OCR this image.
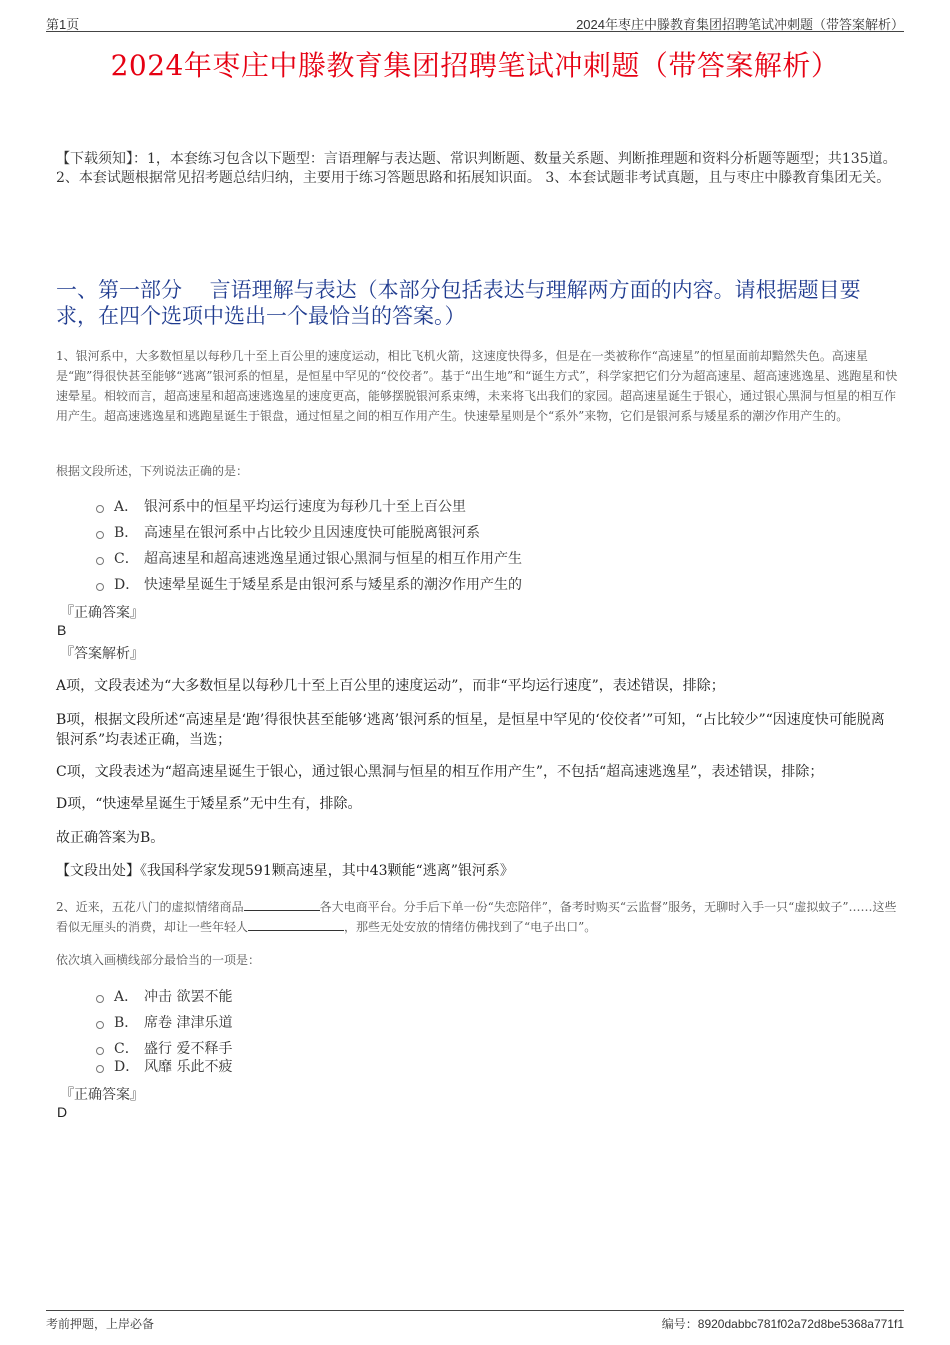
第1页	2024年枣庄中滕教育集团招聘笔试冲刺题（带答案解析）
2024年枣庄中滕教育集团招聘笔试冲刺题（带答案解析）
【下载须知】：1，本套练习包含以下题型：言语理解与表达题、常识判断题、数量关系题、判断推理题和资料分析题等题型；共135道。 2、本套试题根据常见招考题总结归纳，主要用于练习答题思路和拓展知识面。 3、本套试题非考试真题，且与枣庄中滕教育集团无关。
一、第一部分 　言语理解与表达（本部分包括表达与理解两方面的内容。请根据题目要求，在四个选项中选出一个最恰当的答案。）
1、银河系中，大多数恒星以每秒几十至上百公里的速度运动，相比飞机火箭，这速度快得多，但是在一类被称作“高速星”的恒星面前却黯然失色。高速星是“跑”得很快甚至能够“逃离”银河系的恒星，是恒星中罕见的“佼佼者”。基于“出生地”和“诞生方式”，科学家把它们分为超高速星、超高速逃逸星、逃跑星和快速晕星。相较而言，超高速星和超高速逃逸星的速度更高，能够摆脱银河系束缚，未来将飞出我们的家园。超高速星诞生于银心，通过银心黑洞与恒星的相互作用产生。超高速逃逸星和逃跑星诞生于银盘，通过恒星之间的相互作用产生。快速晕星则是个“系外”来物，它们是银河系与矮星系的潮汐作用产生的。
根据文段所述，下列说法正确的是：
A． 银河系中的恒星平均运行速度为每秒几十至上百公里
B． 高速星在银河系中占比较少且因速度快可能脱离银河系
C． 超高速星和超高速逃逸星通过银心黑洞与恒星的相互作用产生
D． 快速晕星诞生于矮星系是由银河系与矮星系的潮汐作用产生的
『正确答案』
B
『答案解析』
A项，文段表述为“大多数恒星以每秒几十至上百公里的速度运动”，而非“平均运行速度”，表述错误，排除；
B项，根据文段所述“高速星是‘跑’得很快甚至能够‘逃离’银河系的恒星，是恒星中罕见的‘佼佼者’”可知，“占比较少”“因速度快可能脱离银河系”均表述正确，当选；
C项，文段表述为“超高速星诞生于银心，通过银心黑洞与恒星的相互作用产生”，不包括“超高速逃逸星”，表述错误，排除；
D项，“快速晕星诞生于矮星系”无中生有，排除。
故正确答案为B。
【文段出处】《我国科学家发现591颗高速星，其中43颗能“逃离”银河系》
2、近来，五花八门的虚拟情绪商品	各大电商平台。分手后下单一份“失恋陪伴”，备考时购买“云监督”服务，无聊时入手一只“虚拟蚊子”……这些看似无厘头的消费，却让一些年轻人	，那些无处安放的情绪仿佛找到了“电子出口”。
依次填入画横线部分最恰当的一项是：
A． 冲击 欲罢不能
B． 席卷 津津乐道
C． 盛行 爱不释手
D． 风靡 乐此不疲
『正确答案』
D
考前押题，上岸必备	编号：8920dabbc781f02a72d8be5368a771f1
